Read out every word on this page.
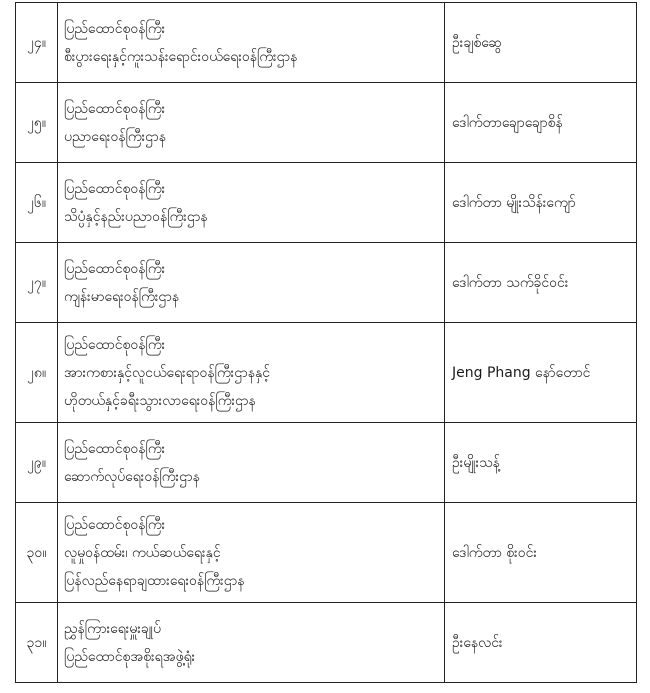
၂၄။	ပြည်ထောင်စုဝန်ကြီး
စီးပွားရေးနှင့်ကူးသန်းရောင်းဝယ်ရေးဝန်ကြီးဌာန	ဦးချစ်ဆွေ
၂၅။	ပြည်ထောင်စုဝန်ကြီး
ပညာရေးဝန်ကြီးဌာန	ဒေါက်တာချောချောစိန်
၂၆။	ပြည်ထောင်စုဝန်ကြီး
သိပ္ပံနှင့်နည်းပညာဝန်ကြီးဌာန	ဒေါက်တာ မျိုးသိန်းကျော်
၂၇။	ပြည်ထောင်စုဝန်ကြီး
ကျန်းမာရေးဝန်ကြီးဌာန	ဒေါက်တာ သက်ခိုင်ဝင်း
၂၈။	ပြည်ထောင်စုဝန်ကြီး
အားကစားနှင့်လူငယ်ရေးရာဝန်ကြီးဌာနနှင့်
ဟိုတယ်နှင့်ခရီးသွားလာရေးဝန်ကြီးဌာန	Jeng Phang နော်တောင်
၂၉။	ပြည်ထောင်စုဝန်ကြီး
ဆောက်လုပ်ရေးဝန်ကြီးဌာန	ဦးမျိုးသန့်
၃၀။	ပြည်ထောင်စုဝန်ကြီး
လူမှုဝန်ထမ်း၊ ကယ်ဆယ်ရေးနှင့်
ပြန်လည်နေရာချထားရေးဝန်ကြီးဌာန	ဒေါက်တာ စိုးဝင်း
၃၁။	ညွှန်ကြားရေးမှူးချုပ်
ပြည်ထောင်စုအစိုးရအဖွဲ့ရုံး	ဦးနေလင်း
